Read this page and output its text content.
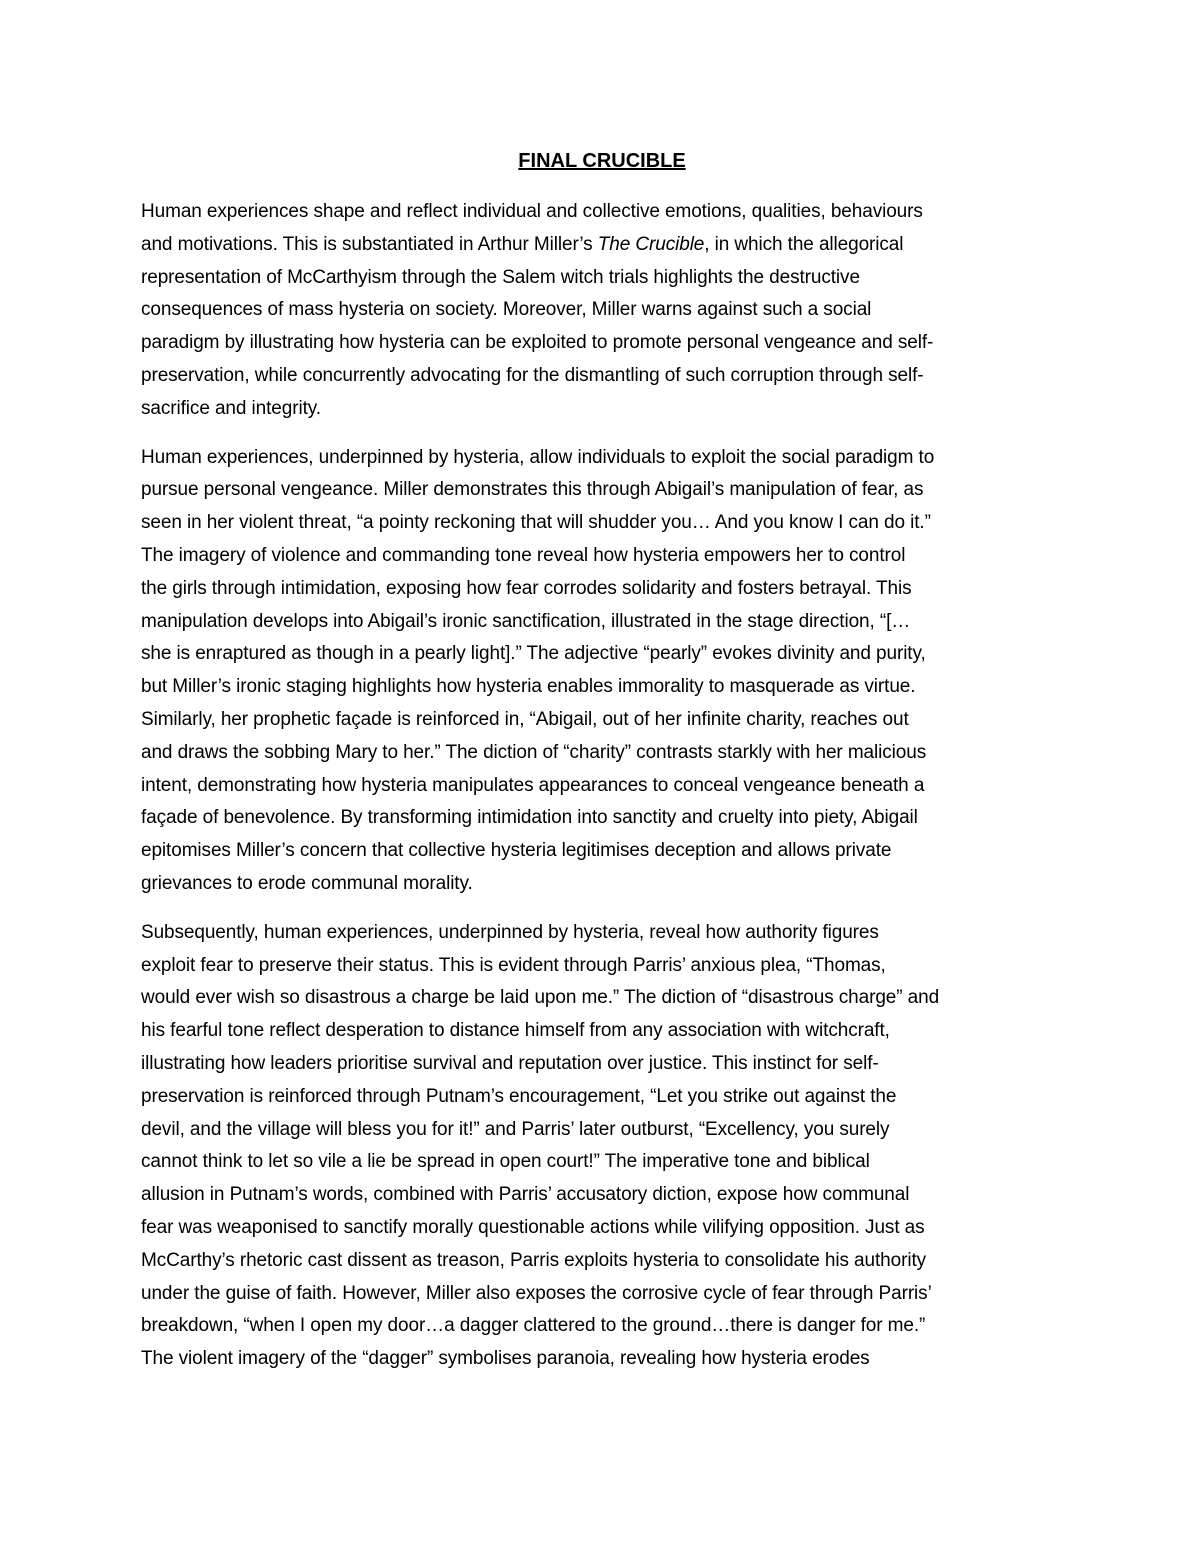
FINAL CRUCIBLE
Human experiences shape and reflect individual and collective emotions, qualities, behaviours
and motivations. This is substantiated in Arthur Miller’s The Crucible, in which the allegorical
representation of McCarthyism through the Salem witch trials highlights the destructive
consequences of mass hysteria on society. Moreover, Miller warns against such a social
paradigm by illustrating how hysteria can be exploited to promote personal vengeance and self-
preservation, while concurrently advocating for the dismantling of such corruption through self-
sacrifice and integrity.
Human experiences, underpinned by hysteria, allow individuals to exploit the social paradigm to
pursue personal vengeance. Miller demonstrates this through Abigail’s manipulation of fear, as
seen in her violent threat, “a pointy reckoning that will shudder you… And you know I can do it.”
The imagery of violence and commanding tone reveal how hysteria empowers her to control
the girls through intimidation, exposing how fear corrodes solidarity and fosters betrayal. This
manipulation develops into Abigail’s ironic sanctification, illustrated in the stage direction, “[…
she is enraptured as though in a pearly light].” The adjective “pearly” evokes divinity and purity,
but Miller’s ironic staging highlights how hysteria enables immorality to masquerade as virtue.
Similarly, her prophetic façade is reinforced in, “Abigail, out of her infinite charity, reaches out
and draws the sobbing Mary to her.” The diction of “charity” contrasts starkly with her malicious
intent, demonstrating how hysteria manipulates appearances to conceal vengeance beneath a
façade of benevolence. By transforming intimidation into sanctity and cruelty into piety, Abigail
epitomises Miller’s concern that collective hysteria legitimises deception and allows private
grievances to erode communal morality.
Subsequently, human experiences, underpinned by hysteria, reveal how authority figures
exploit fear to preserve their status. This is evident through Parris’ anxious plea, “Thomas,
would ever wish so disastrous a charge be laid upon me.” The diction of “disastrous charge” and
his fearful tone reflect desperation to distance himself from any association with witchcraft,
illustrating how leaders prioritise survival and reputation over justice. This instinct for self-
preservation is reinforced through Putnam’s encouragement, “Let you strike out against the
devil, and the village will bless you for it!” and Parris’ later outburst, “Excellency, you surely
cannot think to let so vile a lie be spread in open court!” The imperative tone and biblical
allusion in Putnam’s words, combined with Parris’ accusatory diction, expose how communal
fear was weaponised to sanctify morally questionable actions while vilifying opposition. Just as
McCarthy’s rhetoric cast dissent as treason, Parris exploits hysteria to consolidate his authority
under the guise of faith. However, Miller also exposes the corrosive cycle of fear through Parris’
breakdown, “when I open my door…a dagger clattered to the ground…there is danger for me.”
The violent imagery of the “dagger” symbolises paranoia, revealing how hysteria erodes
